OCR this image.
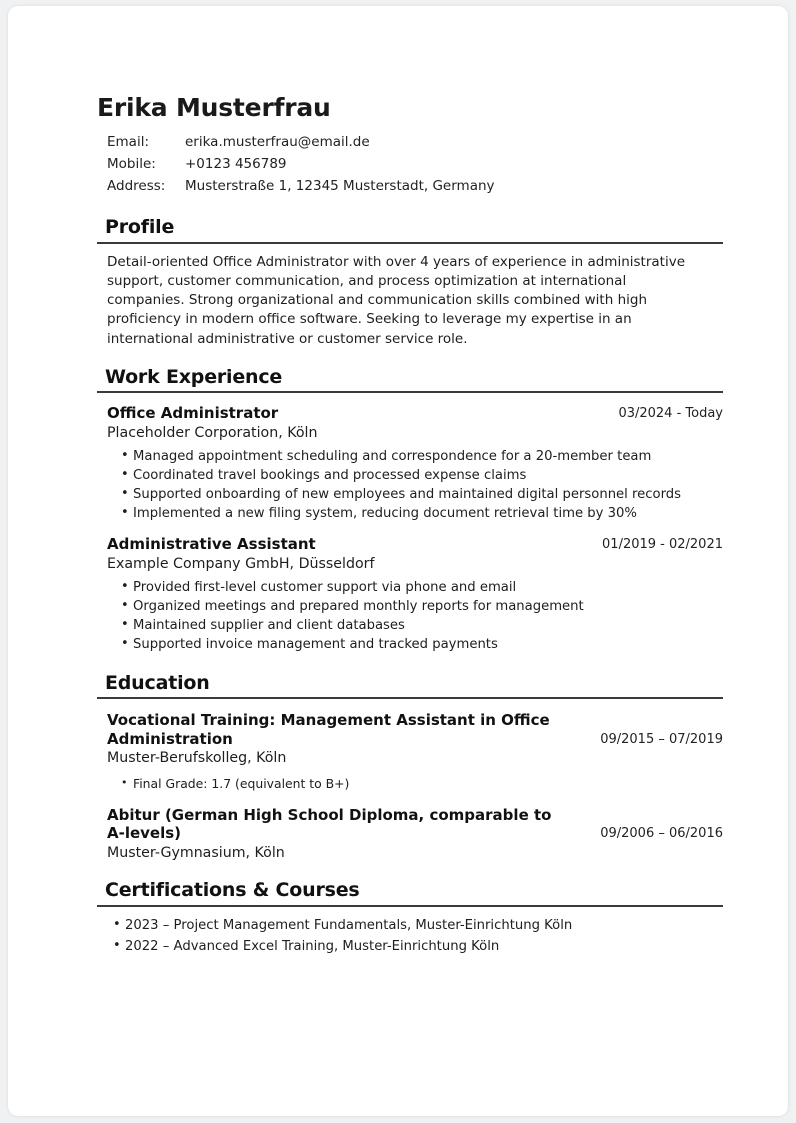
Erika Musterfrau
Email:	erika.musterfrau@email.de
Mobile:	+0123 456789
Address:	Musterstraße 1, 12345 Musterstadt, Germany
Profile

Detail-oriented Office Administrator with over 4 years of experience in administrative support, customer communication, and process optimization at international companies. Strong organizational and communication skills combined with high proficiency in modern office software. Seeking to leverage my expertise in an international administrative or customer service role.

Work Experience
Office Administrator
Placeholder Corporation, Köln
03/2024 - Today
• Managed appointment scheduling and correspondence for a 20-member team
• Coordinated travel bookings and processed expense claims
• Supported onboarding of new employees and maintained digital personnel records
• Implemented a new filing system, reducing document retrieval time by 30%
Administrative Assistant
Example Company GmbH, Düsseldorf
01/2019 - 02/2021
• Provided first-level customer support via phone and email
• Organized meetings and prepared monthly reports for management
• Maintained supplier and client databases
• Supported invoice management and tracked payments
Education
Vocational Training: Management Assistant in Office Administration
Muster-Berufskolleg, Köln
09/2015 – 07/2019
• Final Grade: 1.7 (equivalent to B+)
Abitur (German High School Diploma, comparable to A-levels)
Muster-Gymnasium, Köln
09/2006 – 06/2016
Certifications & Courses
• 2023 – Project Management Fundamentals, Muster-Einrichtung Köln
• 2022 – Advanced Excel Training, Muster-Einrichtung Köln
